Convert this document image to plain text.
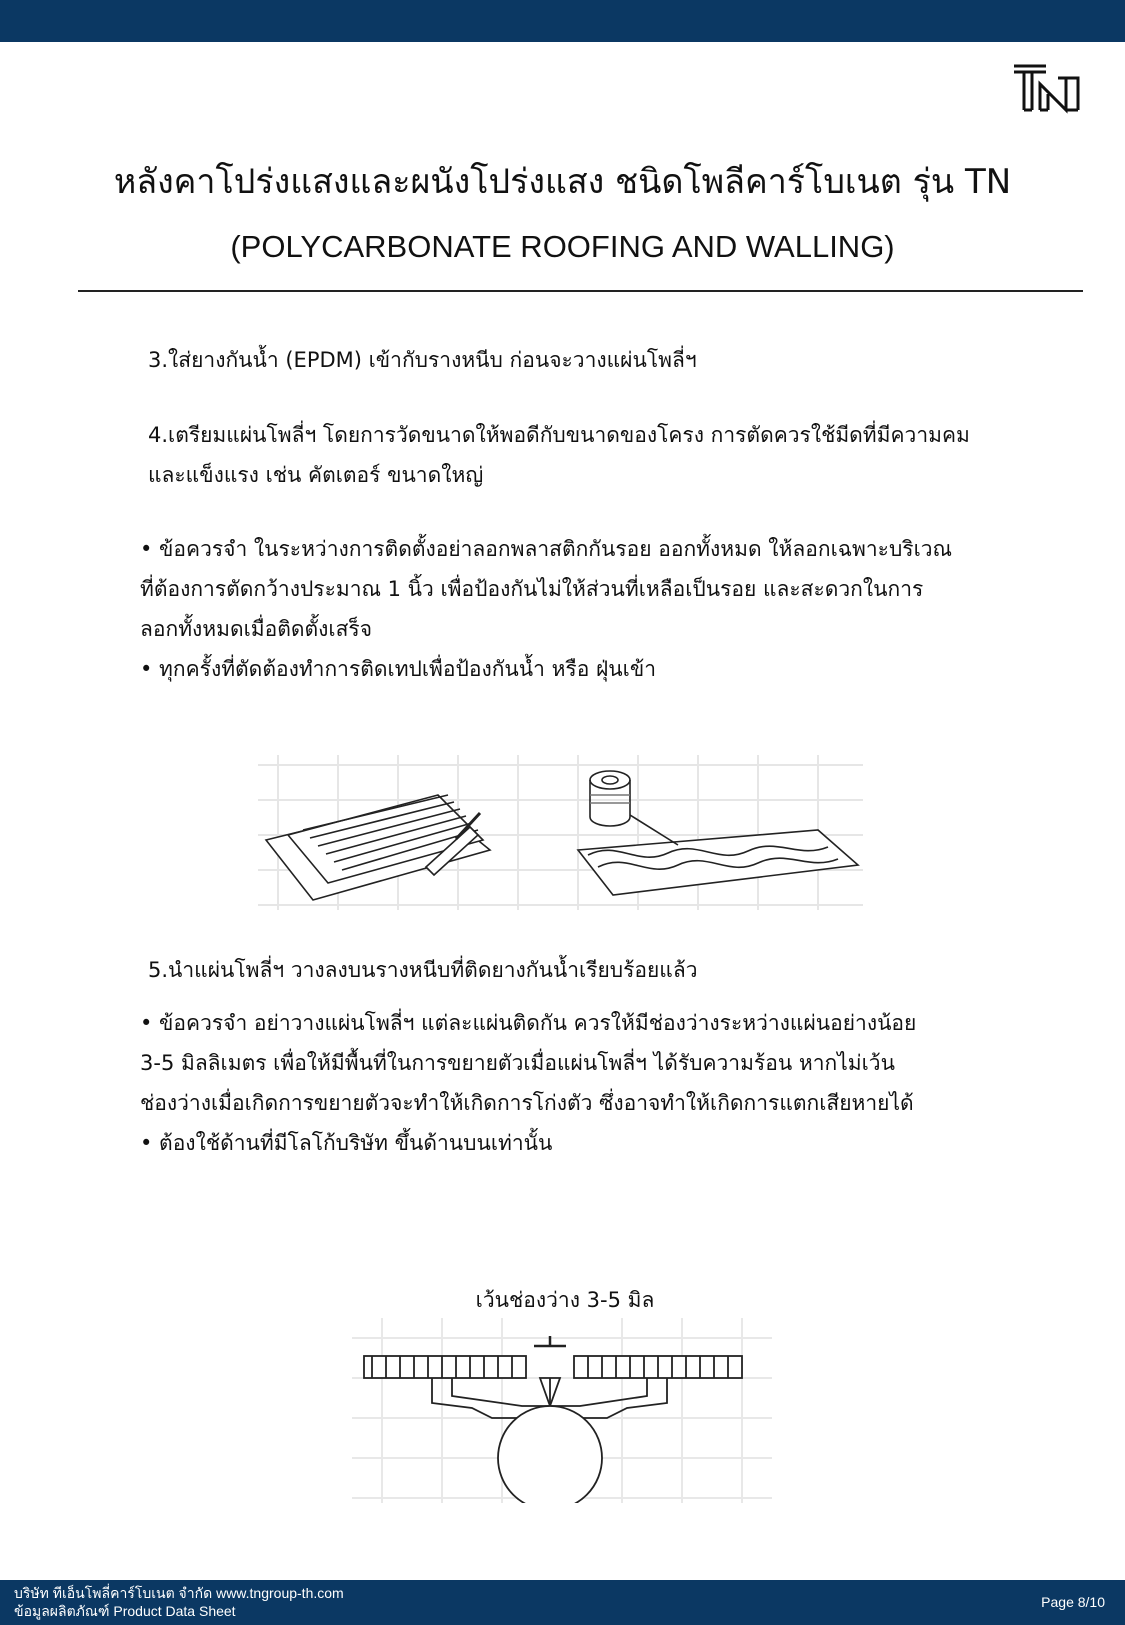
หลังคาโปร่งแสงและผนังโปร่งแสง ชนิดโพลีคาร์โบเนต รุ่น TN
(POLYCARBONATE ROOFING AND WALLING)
3.ใส่ยางกันน้ำ (EPDM) เข้ากับรางหนีบ ก่อนจะวางแผ่นโพลี่ฯ
4.เตรียมแผ่นโพลี่ฯ โดยการวัดขนาดให้พอดีกับขนาดของโครง การตัดควรใช้มีดที่มีความคม
และแข็งแรง เช่น คัตเตอร์ ขนาดใหญ่
• ข้อควรจำ ในระหว่างการติดตั้งอย่าลอกพลาสติกกันรอย ออกทั้งหมด ให้ลอกเฉพาะบริเวณ
ที่ต้องการตัดกว้างประมาณ 1 นิ้ว เพื่อป้องกันไม่ให้ส่วนที่เหลือเป็นรอย และสะดวกในการ
ลอกทั้งหมดเมื่อติดตั้งเสร็จ
• ทุกครั้งที่ตัดต้องทำการติดเทปเพื่อป้องกันน้ำ หรือ ฝุ่นเข้า
5.นำแผ่นโพลี่ฯ วางลงบนรางหนีบที่ติดยางกันน้ำเรียบร้อยแล้ว
• ข้อควรจำ อย่าวางแผ่นโพลี่ฯ แต่ละแผ่นติดกัน ควรให้มีช่องว่างระหว่างแผ่นอย่างน้อย
3-5 มิลลิเมตร เพื่อให้มีพื้นที่ในการขยายตัวเมื่อแผ่นโพลี่ฯ ได้รับความร้อน หากไม่เว้น
ช่องว่างเมื่อเกิดการขยายตัวจะทำให้เกิดการโก่งตัว ซึ่งอาจทำให้เกิดการแตกเสียหายได้
• ต้องใช้ด้านที่มีโลโก้บริษัท ขึ้นด้านบนเท่านั้น
เว้นช่องว่าง 3-5 มิล
บริษัท ทีเอ็นโพลี่คาร์โบเนต จำกัด www.tngroup-th.com
ข้อมูลผลิตภัณฑ์ Product Data Sheet
Page 8/10
